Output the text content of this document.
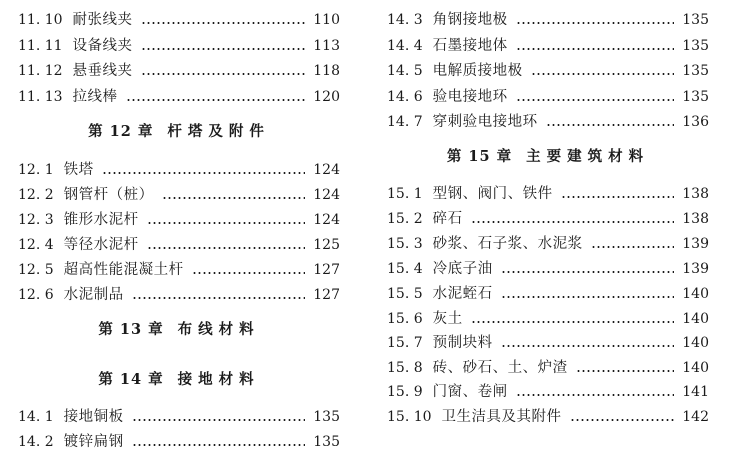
11. 10 耐张线夹	110
11. 11 设备线夹	113
11. 12 悬垂线夹	118
11. 13 拉线棒	120
第 12 章 杆塔及附件
12. 1 铁塔	124
12. 2 钢管杆（桩）	124
12. 3 锥形水泥杆	124
12. 4 等径水泥杆	125
12. 5 超高性能混凝土杆	127
12. 6 水泥制品	127
第 13 章 布线材料
第 14 章 接地材料
14. 1 接地铜板	135
14. 2 镀锌扁钢	135
14. 3 角钢接地极	135
14. 4 石墨接地体	135
14. 5 电解质接地极	135
14. 6 验电接地环	135
14. 7 穿刺验电接地环	136
第 15 章 主要建筑材料
15. 1 型钢、阀门、铁件	138
15. 2 碎石	138
15. 3 砂浆、石子浆、水泥浆	139
15. 4 冷底子油	139
15. 5 水泥蛭石	140
15. 6 灰土	140
15. 7 预制块料	140
15. 8 砖、砂石、土、炉渣	140
15. 9 门窗、卷闸	141
15. 10 卫生洁具及其附件	142
